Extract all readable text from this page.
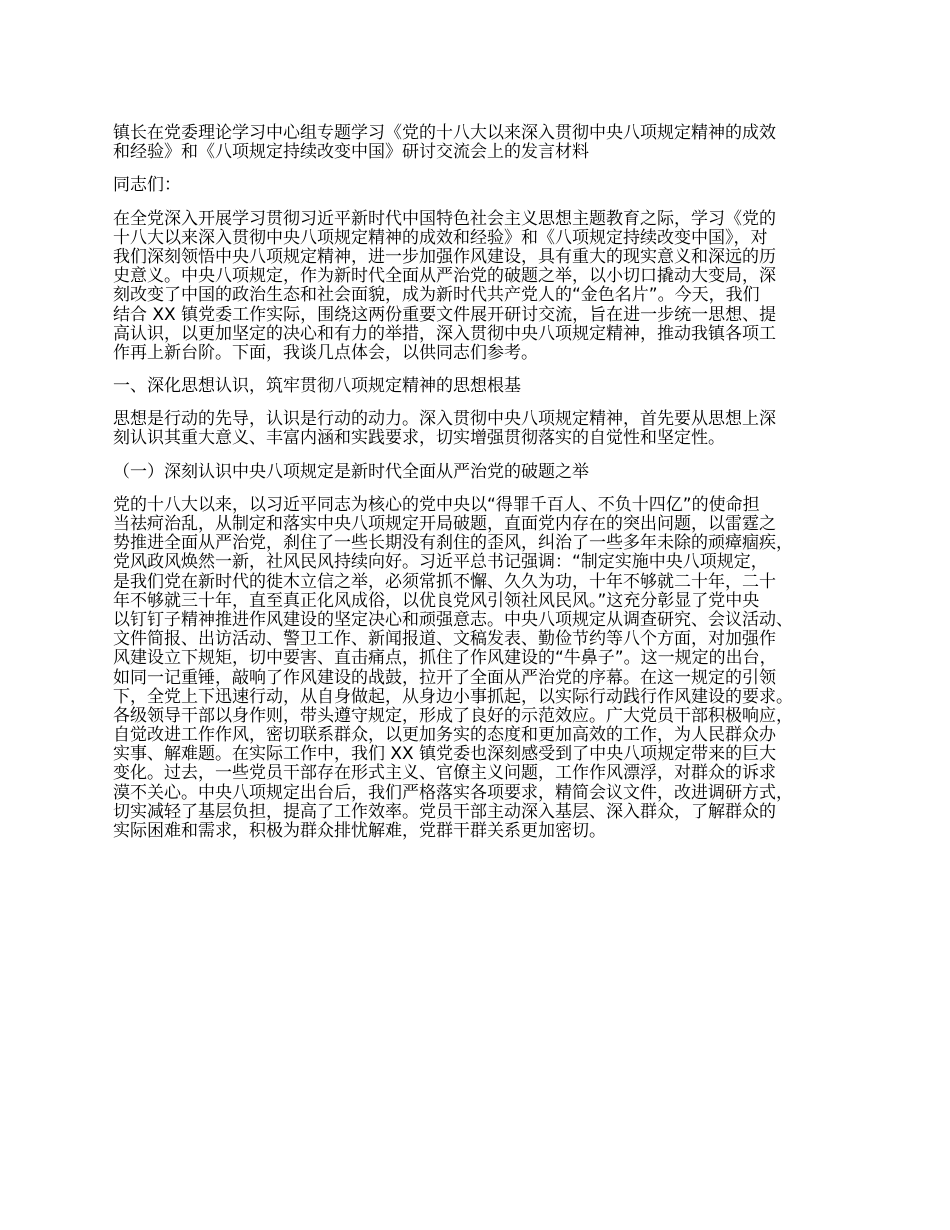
镇长在党委理论学习中心组专题学习《党的十八大以来深入贯彻中央八项规定精神的成效
和经验》和《八项规定持续改变中国》研讨交流会上的发言材料
同志们：
在全党深入开展学习贯彻习近平新时代中国特色社会主义思想主题教育之际，学习《党的
十八大以来深入贯彻中央八项规定精神的成效和经验》和《八项规定持续改变中国》，对
我们深刻领悟中央八项规定精神，进一步加强作风建设，具有重大的现实意义和深远的历
史意义。中央八项规定，作为新时代全面从严治党的破题之举，以小切口撬动大变局，深
刻改变了中国的政治生态和社会面貌，成为新时代共产党人的“金色名片”。今天，我们
结合 XX 镇党委工作实际，围绕这两份重要文件展开研讨交流，旨在进一步统一思想、提
高认识，以更加坚定的决心和有力的举措，深入贯彻中央八项规定精神，推动我镇各项工
作再上新台阶。下面，我谈几点体会，以供同志们参考。
一、深化思想认识，筑牢贯彻八项规定精神的思想根基
思想是行动的先导，认识是行动的动力。深入贯彻中央八项规定精神，首先要从思想上深
刻认识其重大意义、丰富内涵和实践要求，切实增强贯彻落实的自觉性和坚定性。
（一）深刻认识中央八项规定是新时代全面从严治党的破题之举
党的十八大以来，以习近平同志为核心的党中央以“得罪千百人、不负十四亿”的使命担
当祛疴治乱，从制定和落实中央八项规定开局破题，直面党内存在的突出问题，以雷霆之
势推进全面从严治党，刹住了一些长期没有刹住的歪风，纠治了一些多年未除的顽瘴痼疾，
党风政风焕然一新，社风民风持续向好。习近平总书记强调：“制定实施中央八项规定，
是我们党在新时代的徙木立信之举，必须常抓不懈、久久为功，十年不够就二十年，二十
年不够就三十年，直至真正化风成俗，以优良党风引领社风民风。”这充分彰显了党中央
以钉钉子精神推进作风建设的坚定决心和顽强意志。中央八项规定从调查研究、会议活动、
文件简报、出访活动、警卫工作、新闻报道、文稿发表、勤俭节约等八个方面，对加强作
风建设立下规矩，切中要害、直击痛点，抓住了作风建设的“牛鼻子”。这一规定的出台，
如同一记重锤，敲响了作风建设的战鼓，拉开了全面从严治党的序幕。在这一规定的引领
下，全党上下迅速行动，从自身做起，从身边小事抓起，以实际行动践行作风建设的要求。
各级领导干部以身作则，带头遵守规定，形成了良好的示范效应。广大党员干部积极响应，
自觉改进工作作风，密切联系群众，以更加务实的态度和更加高效的工作，为人民群众办
实事、解难题。在实际工作中，我们 XX 镇党委也深刻感受到了中央八项规定带来的巨大
变化。过去，一些党员干部存在形式主义、官僚主义问题，工作作风漂浮，对群众的诉求
漠不关心。中央八项规定出台后，我们严格落实各项要求，精简会议文件，改进调研方式，
切实减轻了基层负担，提高了工作效率。党员干部主动深入基层、深入群众，了解群众的
实际困难和需求，积极为群众排忧解难，党群干群关系更加密切。
